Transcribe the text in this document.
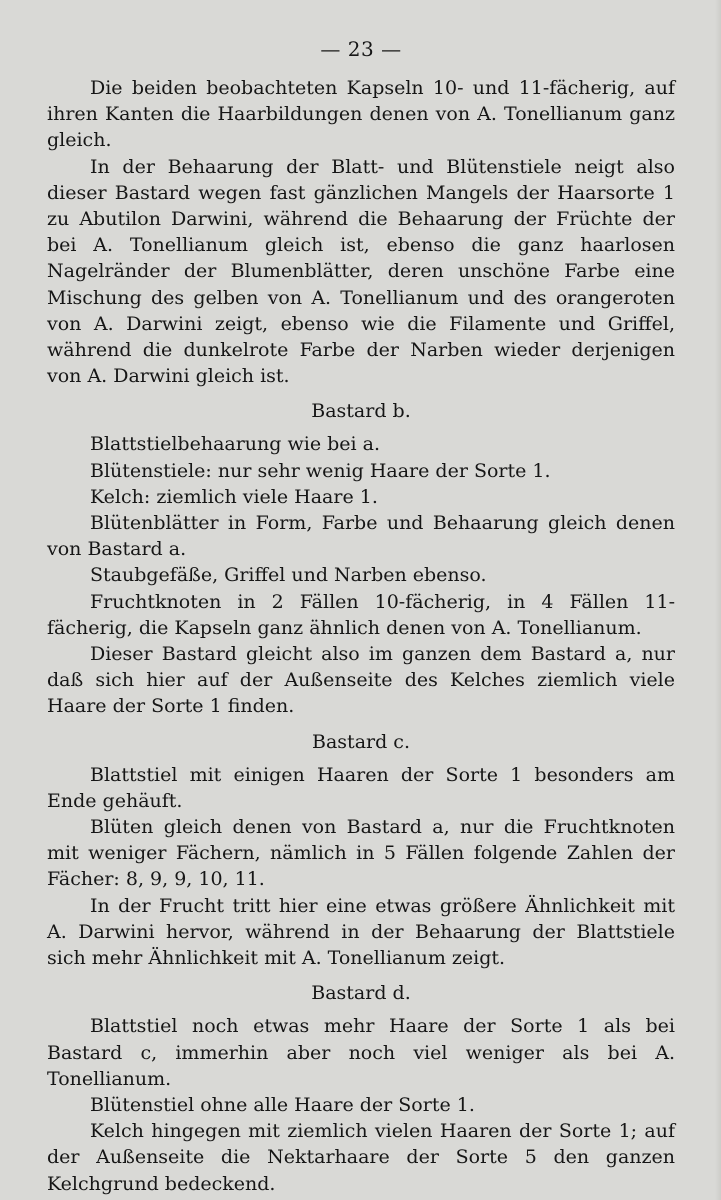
— 23 —

Die beiden beobachteten Kapseln 10- und 11-fächerig, auf ihren Kanten die Haarbildungen denen von A. Tonellianum ganz gleich.

In der Behaarung der Blatt- und Blütenstiele neigt also dieser Bastard wegen fast gänzlichen Mangels der Haarsorte 1 zu Abutilon Darwini, während die Behaarung der Früchte der bei A. Tonellianum gleich ist, ebenso die ganz haarlosen Nagelränder der Blumenblätter, deren unschöne Farbe eine Mischung des gelben von A. Tonellianum und des orangeroten von A. Darwini zeigt, ebenso wie die Filamente und Griffel, während die dunkelrote Farbe der Narben wieder derjenigen von A. Darwini gleich ist.

Bastard b.

Blattstielbehaarung wie bei a.

Blütenstiele: nur sehr wenig Haare der Sorte 1.

Kelch: ziemlich viele Haare 1.

Blütenblätter in Form, Farbe und Behaarung gleich denen von Bastard a.

Staubgefäße, Griffel und Narben ebenso.

Fruchtknoten in 2 Fällen 10-fächerig, in 4 Fällen 11-fächerig, die Kapseln ganz ähnlich denen von A. Tonellianum.

Dieser Bastard gleicht also im ganzen dem Bastard a, nur daß sich hier auf der Außenseite des Kelches ziemlich viele Haare der Sorte 1 finden.

Bastard c.

Blattstiel mit einigen Haaren der Sorte 1 besonders am Ende gehäuft.

Blüten gleich denen von Bastard a, nur die Fruchtknoten mit weniger Fächern, nämlich in 5 Fällen folgende Zahlen der Fächer: 8, 9, 9, 10, 11.

In der Frucht tritt hier eine etwas größere Ähnlichkeit mit A. Darwini hervor, während in der Behaarung der Blattstiele sich mehr Ähnlichkeit mit A. Tonellianum zeigt.

Bastard d.

Blattstiel noch etwas mehr Haare der Sorte 1 als bei Bastard c, immerhin aber noch viel weniger als bei A. Tonellianum.

Blütenstiel ohne alle Haare der Sorte 1.

Kelch hingegen mit ziemlich vielen Haaren der Sorte 1; auf der Außenseite die Nektarhaare der Sorte 5 den ganzen Kelchgrund bedeckend.
